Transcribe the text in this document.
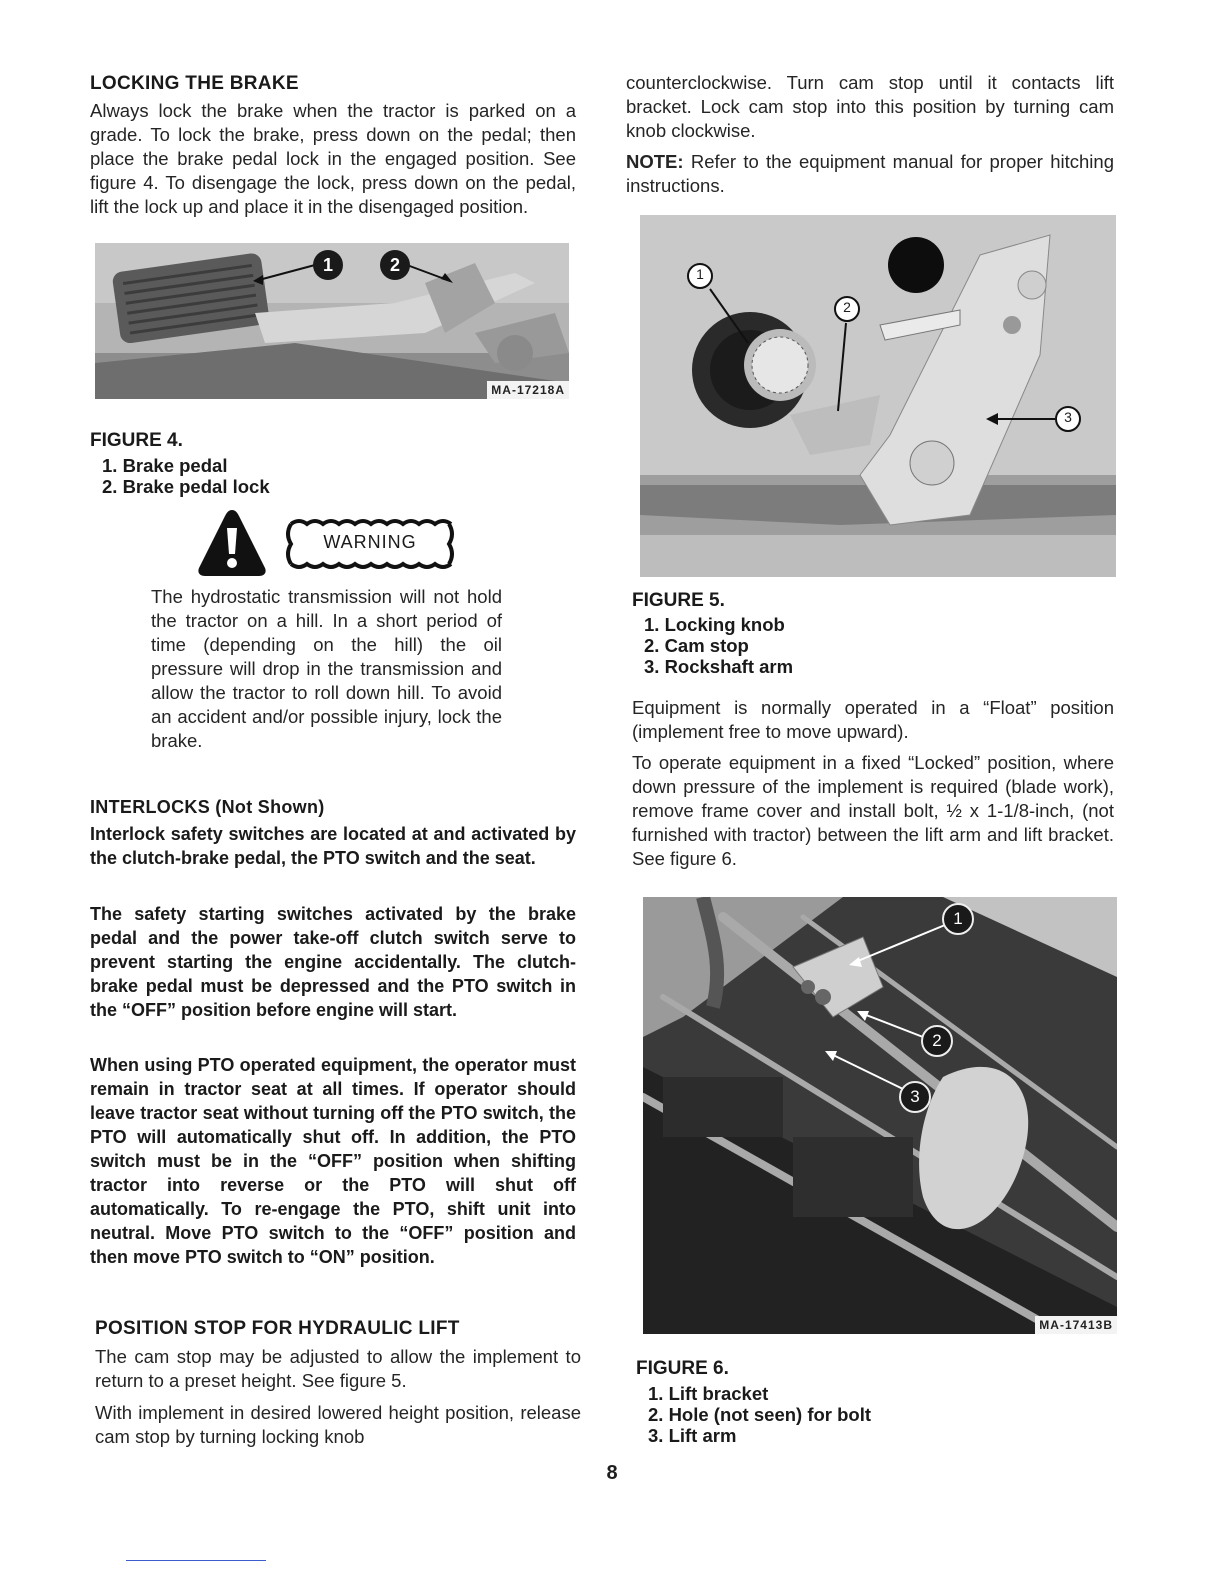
LOCKING THE BRAKE
Always lock the brake when the tractor is parked on a grade. To lock the brake, press down on the pedal; then place the brake pedal lock in the engaged position. See figure 4. To disengage the lock, press down on the pedal, lift the lock up and place it in the disengaged position.
1	2
MA-17218A
FIGURE 4.
1. Brake pedal
2. Brake pedal lock
WARNING
The hydrostatic transmission will not hold the tractor on a hill. In a short period of time (depending on the hill) the oil pressure will drop in the transmission and allow the tractor to roll down hill. To avoid an accident and/or possible injury, lock the brake.
INTERLOCKS (Not Shown)
Interlock safety switches are located at and activated by the clutch-brake pedal, the PTO switch and the seat.
The safety starting switches activated by the brake pedal and the power take-off clutch switch serve to prevent starting the engine accidentally. The clutch-brake pedal must be depressed and the PTO switch in the “OFF” position before engine will start.
When using PTO operated equipment, the operator must remain in tractor seat at all times. If operator should leave tractor seat without turning off the PTO switch, the PTO will automatically shut off. In addition, the PTO switch must be in the “OFF” position when shifting tractor into reverse or the PTO will shut off automatically. To re-engage the PTO, shift unit into neutral. Move PTO switch to the “OFF” position and then move PTO switch to “ON” position.
POSITION STOP FOR HYDRAULIC LIFT
The cam stop may be adjusted to allow the implement to return to a preset height. See figure 5.
With implement in desired lowered height position, release cam stop by turning locking knob
counterclockwise. Turn cam stop until it contacts lift bracket. Lock cam stop into this position by turning cam knob clockwise.
NOTE: Refer to the equipment manual for proper hitching instructions.
1
2
3
FIGURE 5.
1. Locking knob
2. Cam stop
3. Rockshaft arm
Equipment is normally operated in a “Float” position (implement free to move upward).
To operate equipment in a fixed “Locked” position, where down pressure of the implement is required (blade work), remove frame cover and install bolt, ½ x 1-1/8-inch, (not furnished with tractor) between the lift arm and lift bracket. See figure 6.
1
2
3
MA-17413B
FIGURE 6.
1. Lift bracket
2. Hole (not seen) for bolt
3. Lift arm
8
